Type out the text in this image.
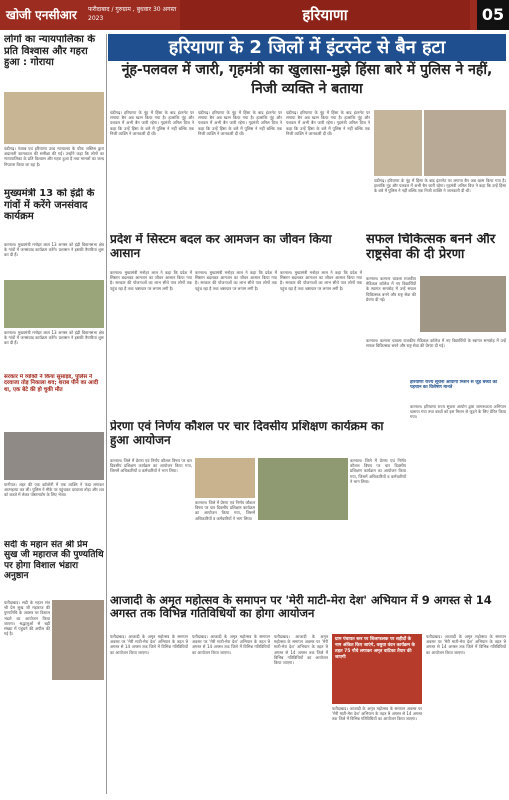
खोजी एनसीआर फरीदाबाद / गुरुग्राम , बुधवार 30 अगस्त 2023	हरियाणा	05
लोगों का न्यायपालिका के प्रति विश्वास और गहरा हुआ : गोराया
चंडीगढ़। पंजाब एवं हरियाणा उच्च न्यायालय के चीफ जस्टिस द्वारा अदालती कामकाज की समीक्षा की गई। उन्होंने कहा कि लोगों का न्यायपालिका के प्रति विश्वास और गहरा हुआ है तथा मामलों का जल्द निपटारा किया जा रहा है।
मुख्यमंत्री 13 को इंद्री के गांवों में करेंगे जनसंवाद कार्यक्रम
करनाल। मुख्यमंत्री मनोहर लाल 13 अगस्त को इंद्री विधानसभा क्षेत्र के गांवों में जनसंवाद कार्यक्रम करेंगे। प्रशासन ने इसकी तैयारियां शुरू कर दी हैं।
करनाल। मुख्यमंत्री मनोहर लाल 13 अगस्त को इंद्री विधानसभा क्षेत्र के गांवों में जनसंवाद कार्यक्रम करेंगे। प्रशासन ने इसकी तैयारियां शुरू कर दी हैं।
सरकार में व्यक्ति ने किया सुसाइड, पुलिस ने दरवाजा तोड़ निकाला शव; शराब पीने का आदी था, एक बेटे की हो चुकी मौत
पानीपत। शहर की एक कॉलोनी में एक व्यक्ति ने फंदा लगाकर आत्महत्या कर ली। पुलिस ने मौके पर पहुंचकर दरवाजा तोड़ा और शव को कब्जे में लेकर पोस्टमार्टम के लिए भेजा।
सदी के महान संत श्री प्रेम सुख जी महाराज की पुण्यतिथि पर होगा विशाल भंडारा अनुष्ठान
फरीदाबाद। सदी के महान संत श्री प्रेम सुख जी महाराज की पुण्यतिथि के अवसर पर विशाल भंडारे का आयोजन किया जाएगा। श्रद्धालुओं से बड़ी संख्या में पहुंचने की अपील की गई है।
हरियाणा के 2 जिलों में इंटरनेट से बैन हटा
नूंह-पलवल में जारी, गृहमंत्री का खुलासा-मुझे हिंसा बारे में पुलिस ने नहीं, निजी व्यक्ति ने बताया
चंडीगढ़। हरियाणा के नूंह में हिंसा के बाद इंटरनेट पर लगाया बैन अब खत्म किया गया है। हालांकि नूंह और पलवल में अभी बैन जारी रहेगा। गृहमंत्री अनिल विज ने कहा कि उन्हें हिंसा के बारे में पुलिस ने नहीं बल्कि एक निजी व्यक्ति ने जानकारी दी थी।
चंडीगढ़। हरियाणा के नूंह में हिंसा के बाद इंटरनेट पर लगाया बैन अब खत्म किया गया है। हालांकि नूंह और पलवल में अभी बैन जारी रहेगा। गृहमंत्री अनिल विज ने कहा कि उन्हें हिंसा के बारे में पुलिस ने नहीं बल्कि एक निजी व्यक्ति ने जानकारी दी थी।
चंडीगढ़। हरियाणा के नूंह में हिंसा के बाद इंटरनेट पर लगाया बैन अब खत्म किया गया है। हालांकि नूंह और पलवल में अभी बैन जारी रहेगा। गृहमंत्री अनिल विज ने कहा कि उन्हें हिंसा के बारे में पुलिस ने नहीं बल्कि एक निजी व्यक्ति ने जानकारी दी थी।
चंडीगढ़। हरियाणा के नूंह में हिंसा के बाद इंटरनेट पर लगाया बैन अब खत्म किया गया है। हालांकि नूंह और पलवल में अभी बैन जारी रहेगा। गृहमंत्री अनिल विज ने कहा कि उन्हें हिंसा के बारे में पुलिस ने नहीं बल्कि एक निजी व्यक्ति ने जानकारी दी थी।
प्रदेश में सिस्टम बदल कर आमजन का जीवन किया आसान
करनाल। मुख्यमंत्री मनोहर लाल ने कहा कि प्रदेश में सिस्टम बदलकर आमजन का जीवन आसान किया गया है। सरकार की योजनाओं का लाभ सीधे पात्र लोगों तक पहुंच रहा है तथा भ्रष्टाचार पर लगाम लगी है।
करनाल। मुख्यमंत्री मनोहर लाल ने कहा कि प्रदेश में सिस्टम बदलकर आमजन का जीवन आसान किया गया है। सरकार की योजनाओं का लाभ सीधे पात्र लोगों तक पहुंच रहा है तथा भ्रष्टाचार पर लगाम लगी है।
करनाल। मुख्यमंत्री मनोहर लाल ने कहा कि प्रदेश में सिस्टम बदलकर आमजन का जीवन आसान किया गया है। सरकार की योजनाओं का लाभ सीधे पात्र लोगों तक पहुंच रहा है तथा भ्रष्टाचार पर लगाम लगी है।
सफल चिकित्सक बनने और राष्ट्रसेवा की दी प्रेरणा
करनाल। कल्पना चावला राजकीय मेडिकल कॉलेज में नए विद्यार्थियों के स्वागत समारोह में उन्हें सफल चिकित्सक बनने और राष्ट्र सेवा की प्रेरणा दी गई।
करनाल। कल्पना चावला राजकीय मेडिकल कॉलेज में नए विद्यार्थियों के स्वागत समारोह में उन्हें सफल चिकित्सक बनने और राष्ट्र सेवा की प्रेरणा दी गई।
हरियाणा राज्य सूचना आयोगों मिशन से जुड़ें बच्चों को पहचान का विशेषण मानते
करनाल। हरियाणा राज्य सूचना आयोग द्वारा जागरूकता अभियान चलाया गया तथा बच्चों को इस मिशन से जुड़ने के लिए प्रेरित किया गया।
प्रेरणा एवं निर्णय कौशल पर चार दिवसीय प्रशिक्षण कार्यक्रम का हुआ आयोजन
करनाल। जिले में प्रेरणा एवं निर्णय कौशल विषय पर चार दिवसीय प्रशिक्षण कार्यक्रम का आयोजन किया गया, जिसमें अधिकारियों व कर्मचारियों ने भाग लिया।
करनाल। जिले में प्रेरणा एवं निर्णय कौशल विषय पर चार दिवसीय प्रशिक्षण कार्यक्रम का आयोजन किया गया, जिसमें अधिकारियों व कर्मचारियों ने भाग लिया।
करनाल। जिले में प्रेरणा एवं निर्णय कौशल विषय पर चार दिवसीय प्रशिक्षण कार्यक्रम का आयोजन किया गया, जिसमें अधिकारियों व कर्मचारियों ने भाग लिया।
आजादी के अमृत महोत्सव के समापन पर 'मेरी माटी-मेरा देश' अभियान में 9 अगस्त से 14 अगस्त तक विभिन्न गतिविधियों का होगा आयोजन
फरीदाबाद। आजादी के अमृत महोत्सव के समापन अवसर पर 'मेरी माटी-मेरा देश' अभियान के तहत 9 अगस्त से 14 अगस्त तक जिले में विभिन्न गतिविधियों का आयोजन किया जाएगा।
फरीदाबाद। आजादी के अमृत महोत्सव के समापन अवसर पर 'मेरी माटी-मेरा देश' अभियान के तहत 9 अगस्त से 14 अगस्त तक जिले में विभिन्न गतिविधियों का आयोजन किया जाएगा।
फरीदाबाद। आजादी के अमृत महोत्सव के समापन अवसर पर 'मेरी माटी-मेरा देश' अभियान के तहत 9 अगस्त से 14 अगस्त तक जिले में विभिन्न गतिविधियों का आयोजन किया जाएगा।
ग्राम पंचायत स्तर पर शिलाफलक पर शहीदों के नाम अंकित किए जाएंगे, वसुधा वंदन कार्यक्रम के तहत 75 पौधे लगाकर अमृत वाटिका तैयार की जाएगी
फरीदाबाद। आजादी के अमृत महोत्सव के समापन अवसर पर 'मेरी माटी-मेरा देश' अभियान के तहत 9 अगस्त से 14 अगस्त तक जिले में विभिन्न गतिविधियों का आयोजन किया जाएगा।
फरीदाबाद। आजादी के अमृत महोत्सव के समापन अवसर पर 'मेरी माटी-मेरा देश' अभियान के तहत 9 अगस्त से 14 अगस्त तक जिले में विभिन्न गतिविधियों का आयोजन किया जाएगा।
